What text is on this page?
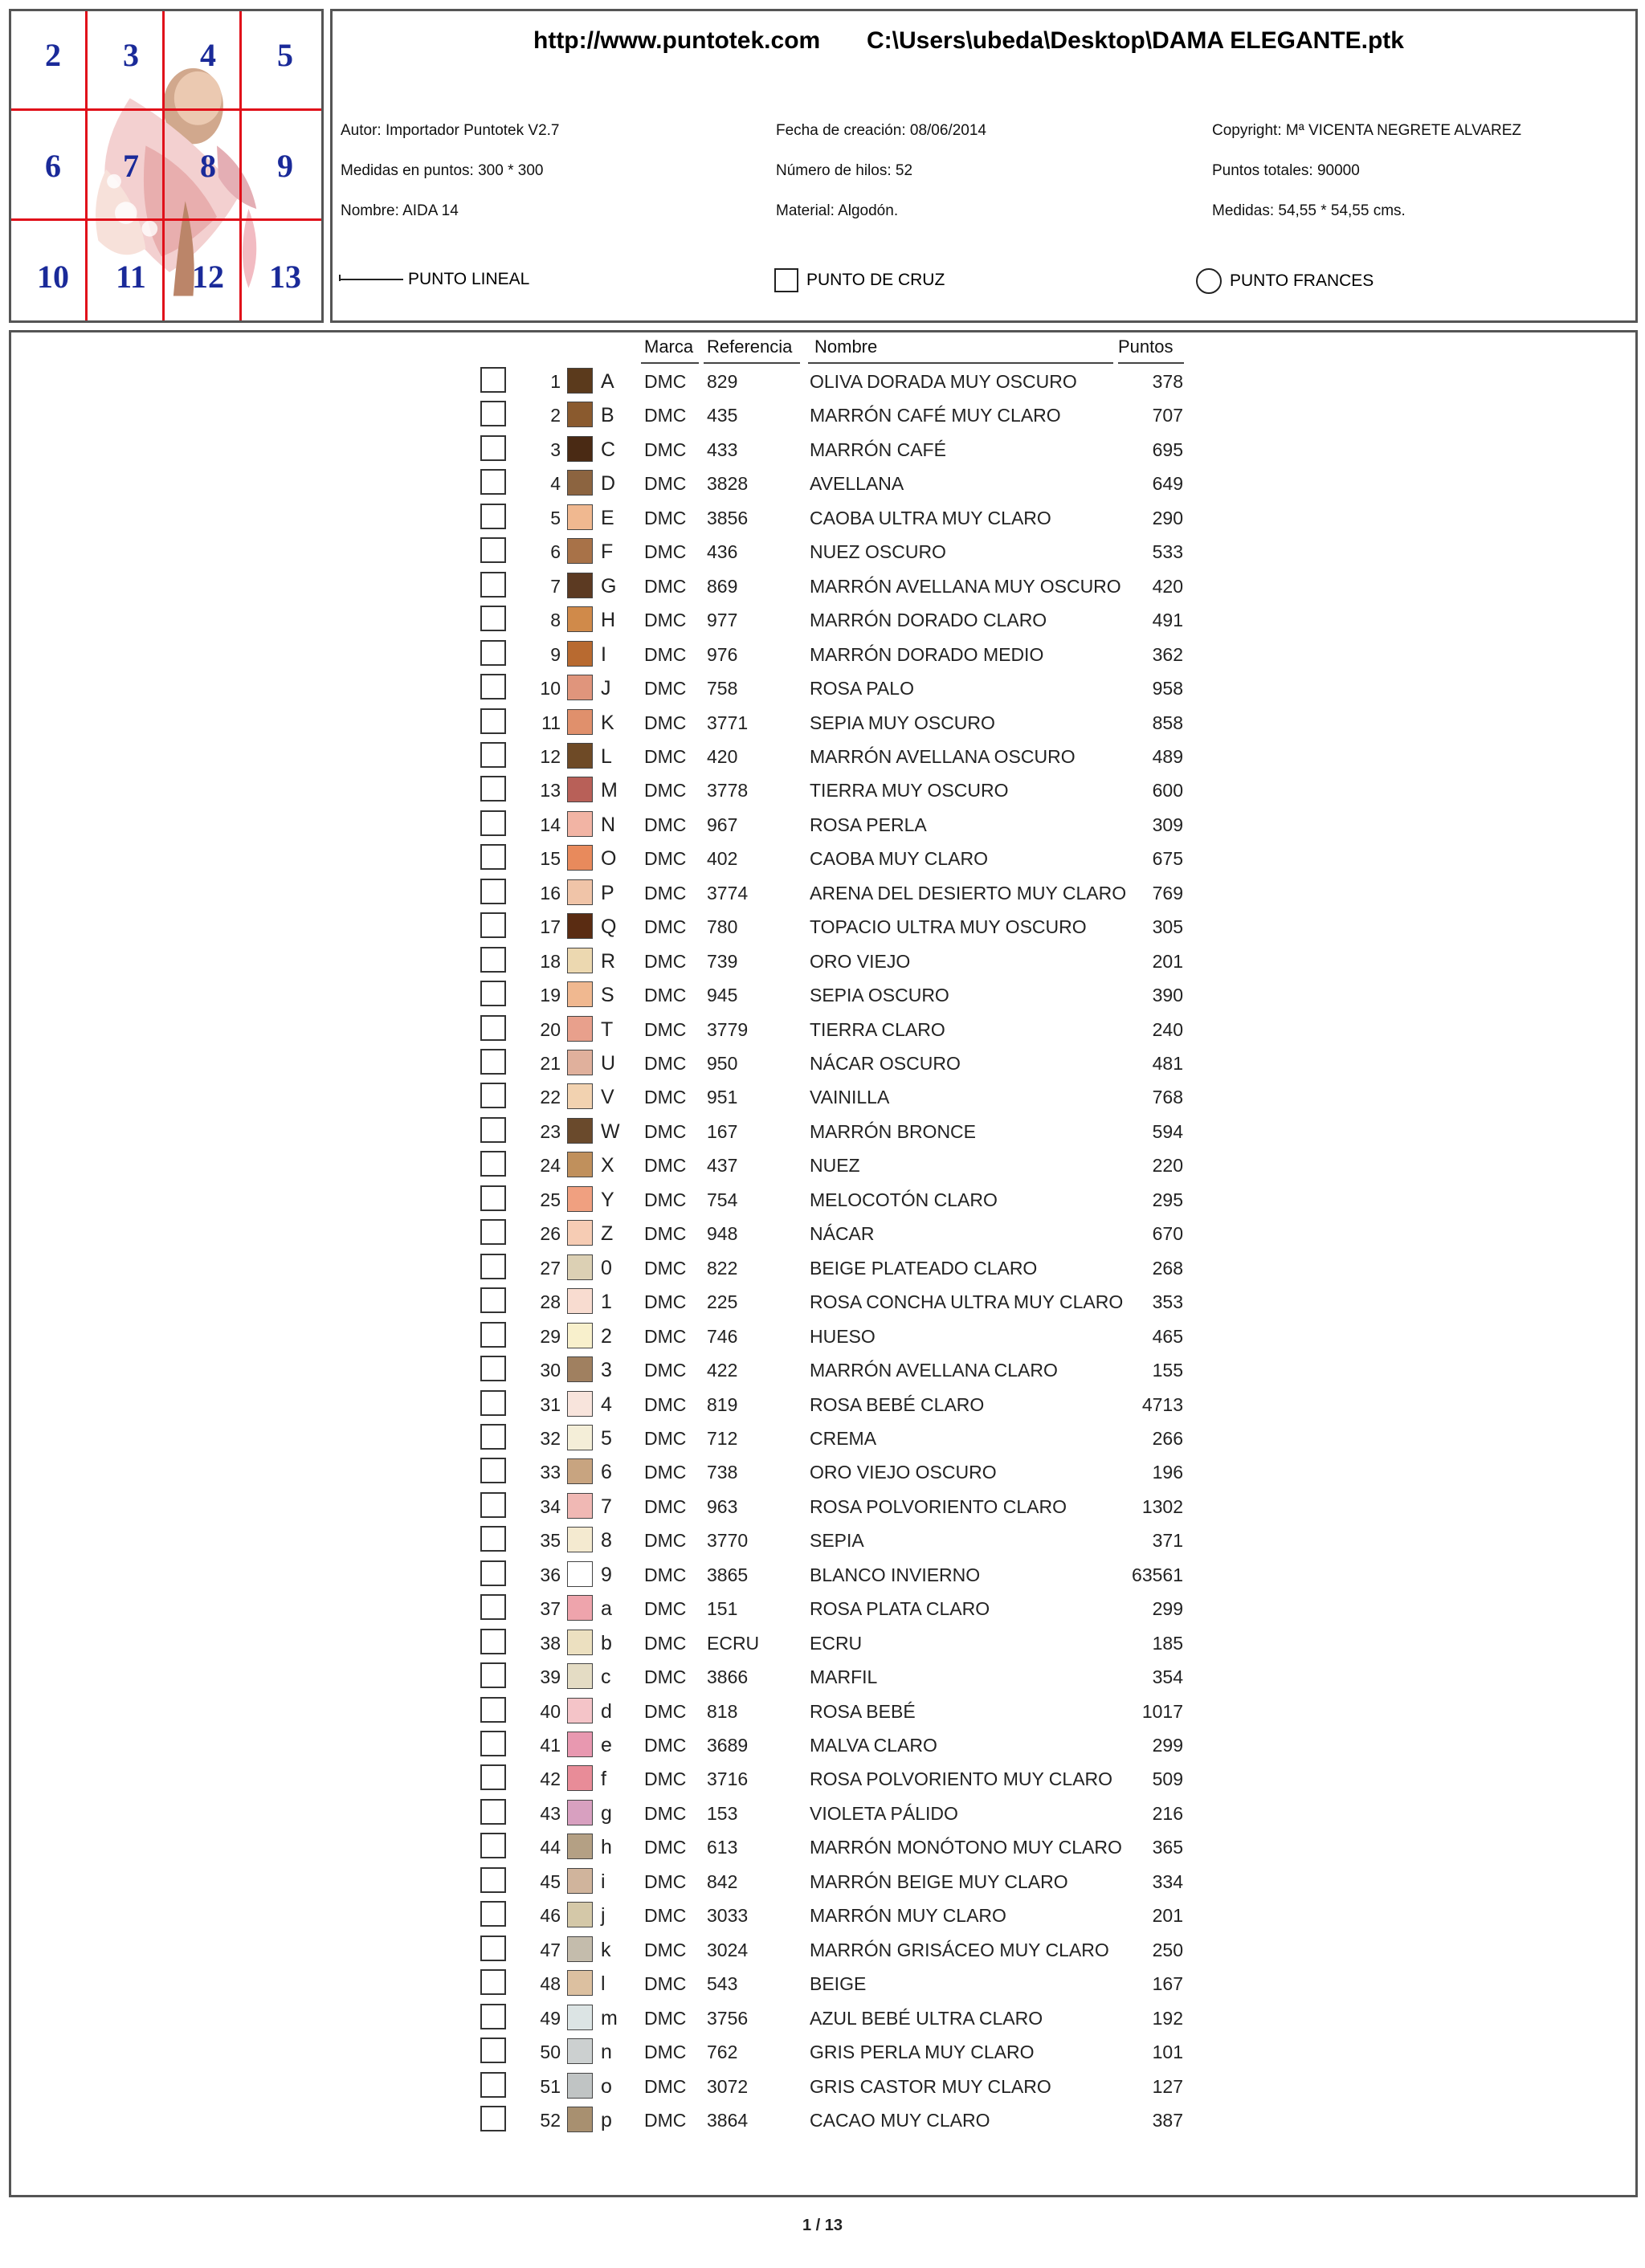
2	3	4	5
6	7	8	9
10 11 12 13
http://www.puntotek.com C:\Users\ubeda\Desktop\DAMA ELEGANTE.ptk
Autor: Importador Puntotek V2.7
Medidas en puntos: 300 * 300
Nombre: AIDA 14
Fecha de creación: 08/06/2014
Número de hilos: 52
Material: Algodón.
Copyright: Mª VICENTA NEGRETE ALVAREZ
Puntos totales: 90000
Medidas: 54,55 * 54,55 cms.
PUNTO LINEAL	PUNTO DE CRUZ	PUNTO FRANCES
Marca Referencia Nombre	Puntos
1 A	DMC 829	OLIVA DORADA MUY OSCURO	378
2 B	DMC 435	MARRÓN CAFÉ MUY CLARO	707
3 C	DMC 433	MARRÓN CAFÉ	695
4 D	DMC 3828	AVELLANA	649
5 E	DMC 3856	CAOBA ULTRA MUY CLARO	290
6 F	DMC 436	NUEZ OSCURO	533
7 G	DMC 869	MARRÓN AVELLANA MUY OSCURO	420
8 H	DMC 977	MARRÓN DORADO CLARO	491
9 I	DMC 976	MARRÓN DORADO MEDIO	362
10 J	DMC 758	ROSA PALO	958
11 K	DMC 3771	SEPIA MUY OSCURO	858
12 L	DMC 420	MARRÓN AVELLANA OSCURO	489
13 M	DMC 3778	TIERRA MUY OSCURO	600
14 N	DMC 967	ROSA PERLA	309
15 O	DMC 402	CAOBA MUY CLARO	675
16 P	DMC 3774	ARENA DEL DESIERTO MUY CLARO	769
17 Q	DMC 780	TOPACIO ULTRA MUY OSCURO	305
18 R	DMC 739	ORO VIEJO	201
19 S	DMC 945	SEPIA OSCURO	390
20 T	DMC 3779	TIERRA CLARO	240
21 U	DMC 950	NÁCAR OSCURO	481
22 V	DMC 951	VAINILLA	768
23 W DMC 167	MARRÓN BRONCE	594
24 X	DMC 437	NUEZ	220
25 Y	DMC 754	MELOCOTÓN CLARO	295
26 Z	DMC 948	NÁCAR	670
27 0	DMC 822	BEIGE PLATEADO CLARO	268
28 1	DMC 225	ROSA CONCHA ULTRA MUY CLARO	353
29 2	DMC 746	HUESO	465
30 3	DMC 422	MARRÓN AVELLANA CLARO	155
31 4	DMC 819	ROSA BEBÉ CLARO	4713
32 5	DMC 712	CREMA	266
33 6	DMC 738	ORO VIEJO OSCURO	196
34 7	DMC 963	ROSA POLVORIENTO CLARO	1302
35 8	DMC 3770	SEPIA	371
36 9	DMC 3865	BLANCO INVIERNO	63561
37 a	DMC 151	ROSA PLATA CLARO	299
38 b	DMC ECRU	ECRU	185
39 c	DMC 3866	MARFIL	354
40 d	DMC 818	ROSA BEBÉ	1017
41 e	DMC 3689	MALVA CLARO	299
42 f	DMC 3716	ROSA POLVORIENTO MUY CLARO	509
43 g	DMC 153	VIOLETA PÁLIDO	216
44 h	DMC 613	MARRÓN MONÓTONO MUY CLARO	365
45 i	DMC 842	MARRÓN BEIGE MUY CLARO	334
46 j	DMC 3033	MARRÓN MUY CLARO	201
47 k	DMC 3024	MARRÓN GRISÁCEO MUY CLARO	250
48 l	DMC 543	BEIGE	167
49 m	DMC 3756	AZUL BEBÉ ULTRA CLARO	192
50 n	DMC 762	GRIS PERLA MUY CLARO	101
51 o	DMC 3072	GRIS CASTOR MUY CLARO	127
52 p	DMC 3864	CACAO MUY CLARO	387
1 / 13
